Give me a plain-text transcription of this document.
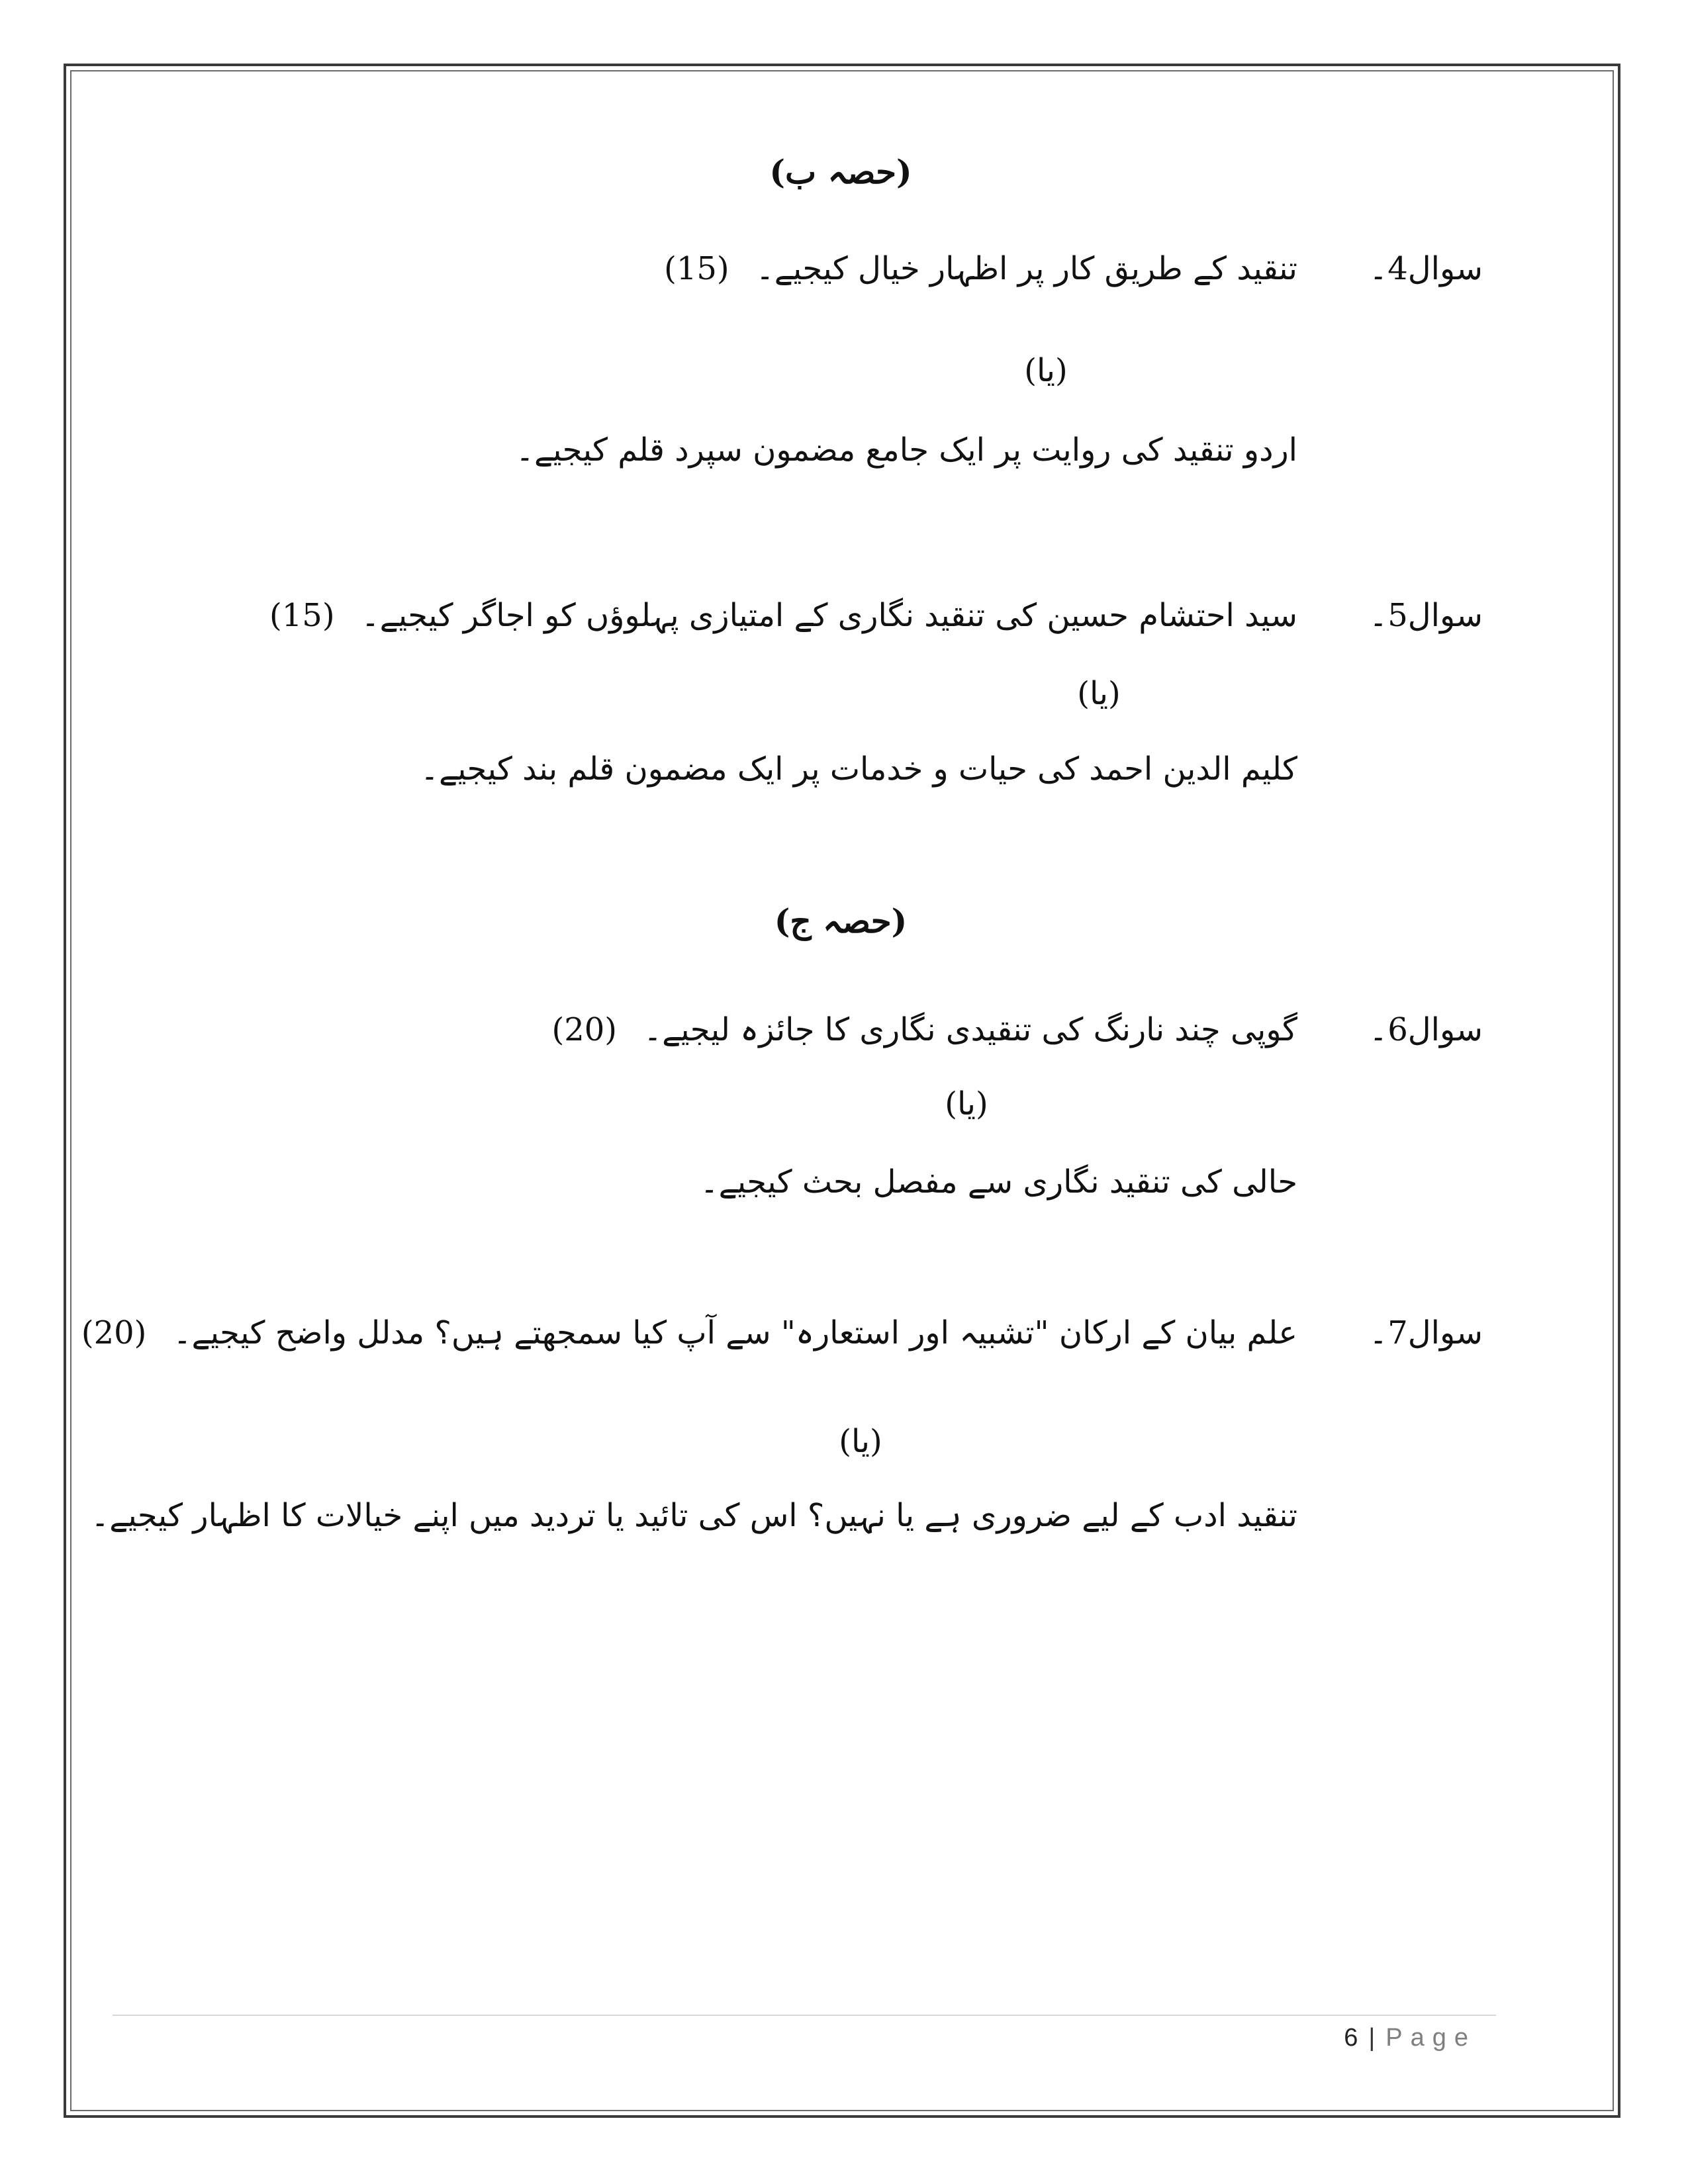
(حصہ ب)
سوال4۔
تنقید کے طریق کار پر اظہار خیال کیجیے۔(15)
(یا)
اردو تنقید کی روایت پر ایک جامع مضمون سپرد قلم کیجیے۔
سوال5۔
سید احتشام حسین کی تنقید نگاری کے امتیازی پہلوؤں کو اجاگر کیجیے۔(15)
(یا)
کلیم الدین احمد کی حیات و خدمات پر ایک مضمون قلم بند کیجیے۔
(حصہ ج)
سوال6۔
گوپی چند نارنگ کی تنقیدی نگاری کا جائزہ لیجیے۔(20)
(یا)
حالی کی تنقید نگاری سے مفصل بحث کیجیے۔
سوال7۔
علم بیان کے ارکان "تشبیہ اور استعارہ" سے آپ کیا سمجھتے ہیں؟ مدلل واضح کیجیے۔(20)
(یا)
تنقید ادب کے لیے ضروری ہے یا نہیں؟ اس کی تائید یا تردید میں اپنے خیالات کا اظہار کیجیے۔
6 | Page
